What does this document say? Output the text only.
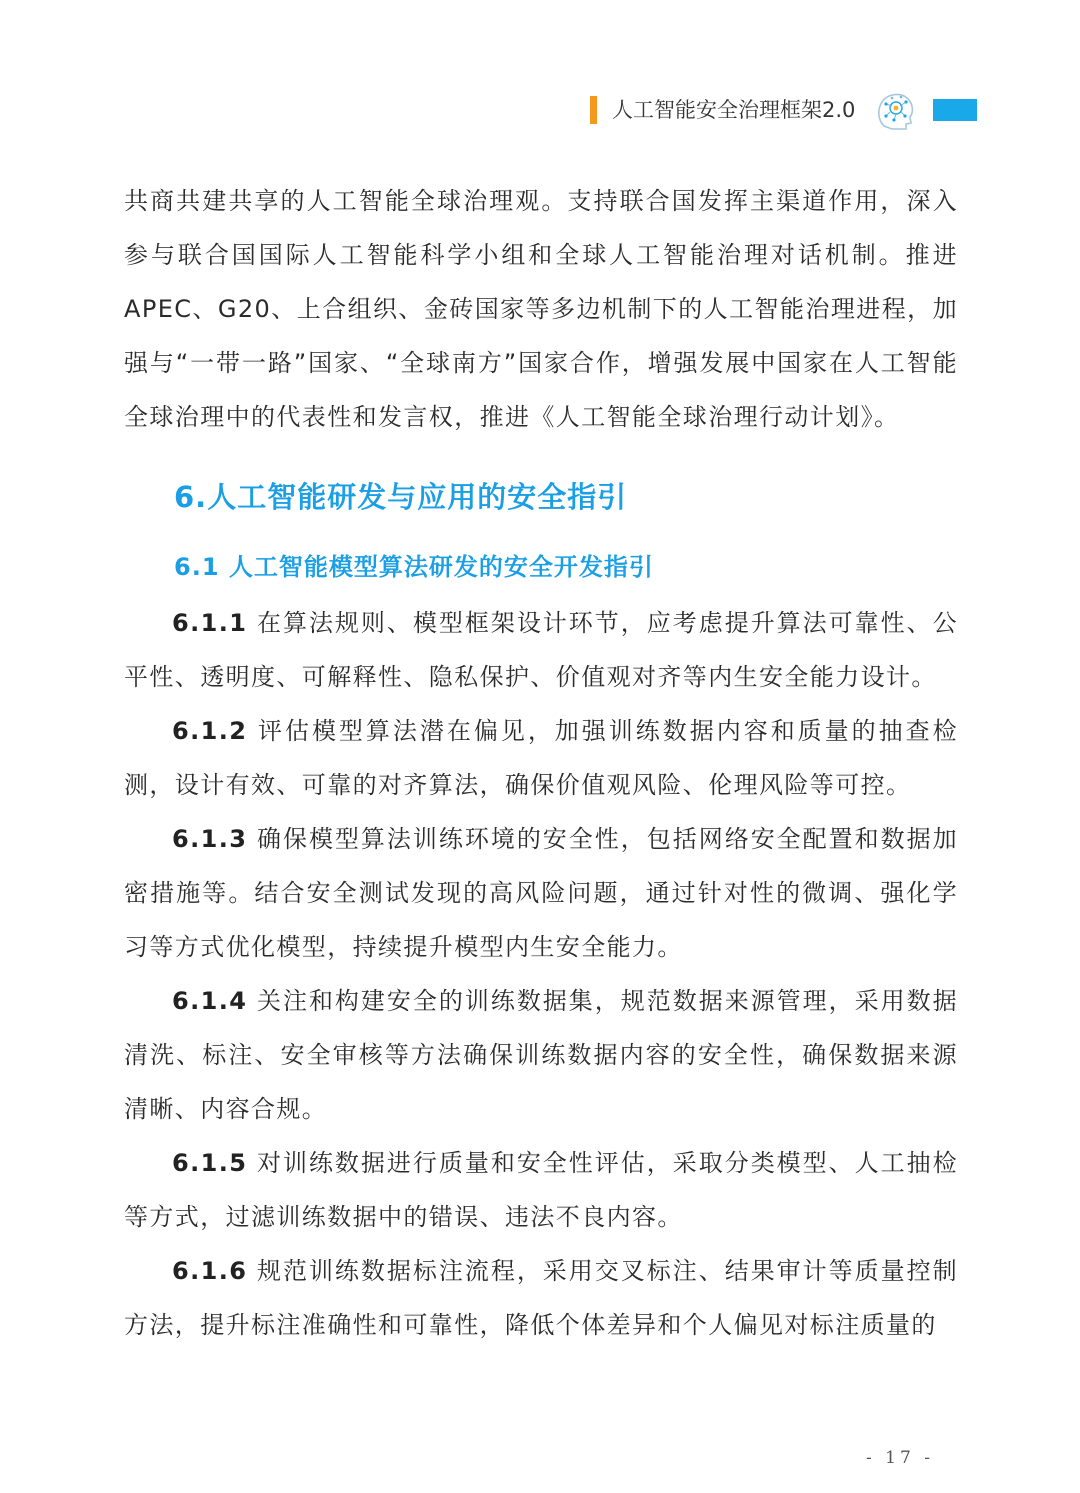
人工智能安全治理框架2.0

共商共建共享的人工智能全球治理观。支持联合国发挥主渠道作用，深入参与联合国国际人工智能科学小组和全球人工智能治理对话机制。推进APEC、G20、上合组织、金砖国家等多边机制下的人工智能治理进程，加强与“一带一路”国家、“全球南方”国家合作，增强发展中国家在人工智能全球治理中的代表性和发言权，推进《人工智能全球治理行动计划》。

6.人工智能研发与应用的安全指引
6.1 人工智能模型算法研发的安全开发指引

6.1.1 在算法规则、模型框架设计环节，应考虑提升算法可靠性、公平性、透明度、可解释性、隐私保护、价值观对齐等内生安全能力设计。

6.1.2 评估模型算法潜在偏见，加强训练数据内容和质量的抽查检测，设计有效、可靠的对齐算法，确保价值观风险、伦理风险等可控。

6.1.3 确保模型算法训练环境的安全性，包括网络安全配置和数据加密措施等。结合安全测试发现的高风险问题，通过针对性的微调、强化学习等方式优化模型，持续提升模型内生安全能力。

6.1.4 关注和构建安全的训练数据集，规范数据来源管理，采用数据清洗、标注、安全审核等方法确保训练数据内容的安全性，确保数据来源清晰、内容合规。

6.1.5 对训练数据进行质量和安全性评估，采取分类模型、人工抽检等方式，过滤训练数据中的错误、违法不良内容。

6.1.6 规范训练数据标注流程，采用交叉标注、结果审计等质量控制方法，提升标注准确性和可靠性，降低个体差异和个人偏见对标注质量的

- 17 -
